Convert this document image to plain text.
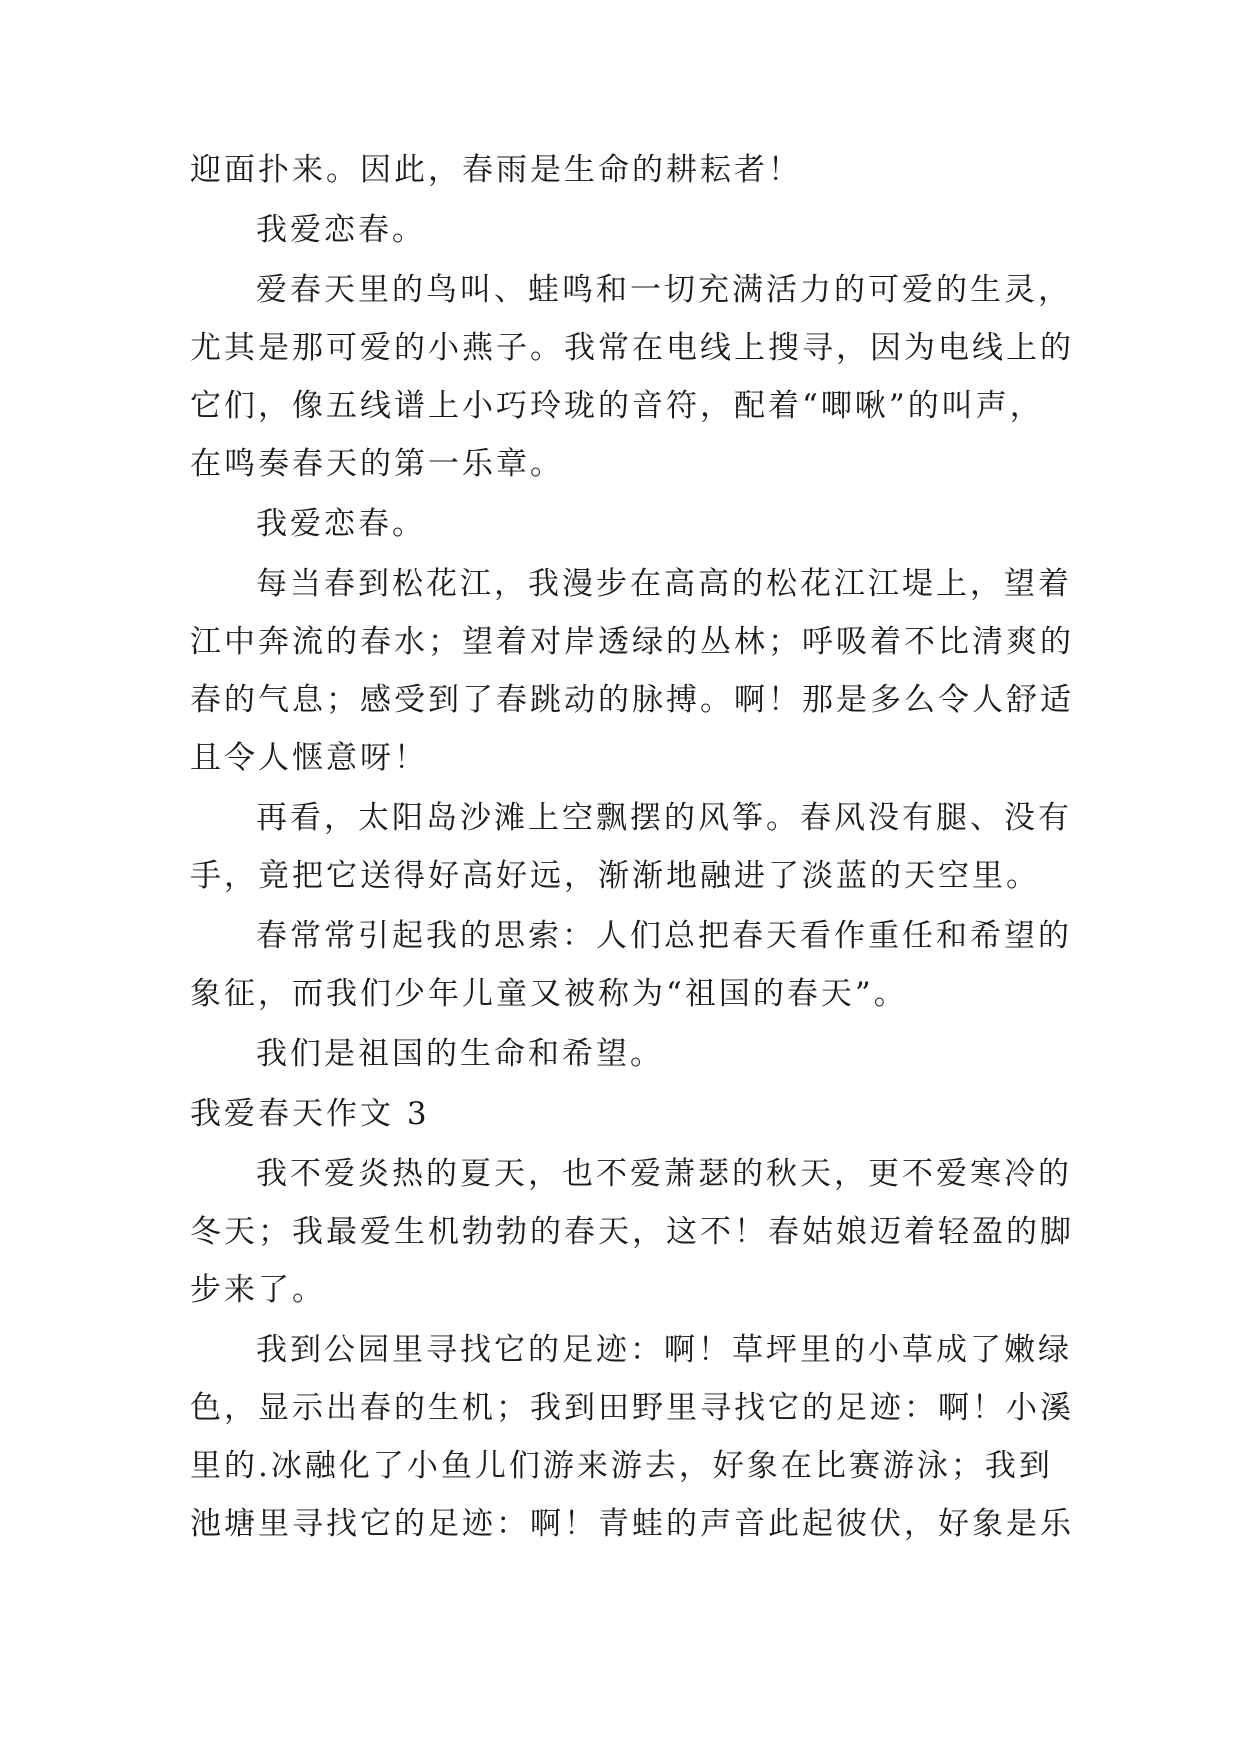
迎面扑来。因此，春雨是生命的耕耘者！
我爱恋春。
爱春天里的鸟叫、蛙鸣和一切充满活力的可爱的生灵，
尤其是那可爱的小燕子。我常在电线上搜寻，因为电线上的
它们，像五线谱上小巧玲珑的音符，配着“唧啾”的叫声，
在鸣奏春天的第一乐章。
我爱恋春。
每当春到松花江，我漫步在高高的松花江江堤上，望着
江中奔流的春水；望着对岸透绿的丛林；呼吸着不比清爽的
春的气息；感受到了春跳动的脉搏。啊！那是多么令人舒适
且令人惬意呀！
再看，太阳岛沙滩上空飘摆的风筝。春风没有腿、没有
手，竟把它送得好高好远，渐渐地融进了淡蓝的天空里。
春常常引起我的思索：人们总把春天看作重任和希望的
象征，而我们少年儿童又被称为“祖国的春天”。
我们是祖国的生命和希望。
我爱春天作文 3
我不爱炎热的夏天，也不爱萧瑟的秋天，更不爱寒冷的
冬天；我最爱生机勃勃的春天，这不！春姑娘迈着轻盈的脚
步来了。
我到公园里寻找它的足迹：啊！草坪里的小草成了嫩绿
色，显示出春的生机；我到田野里寻找它的足迹：啊！小溪
里的.冰融化了小鱼儿们游来游去，好象在比赛游泳；我到
池塘里寻找它的足迹：啊！青蛙的声音此起彼伏，好象是乐
